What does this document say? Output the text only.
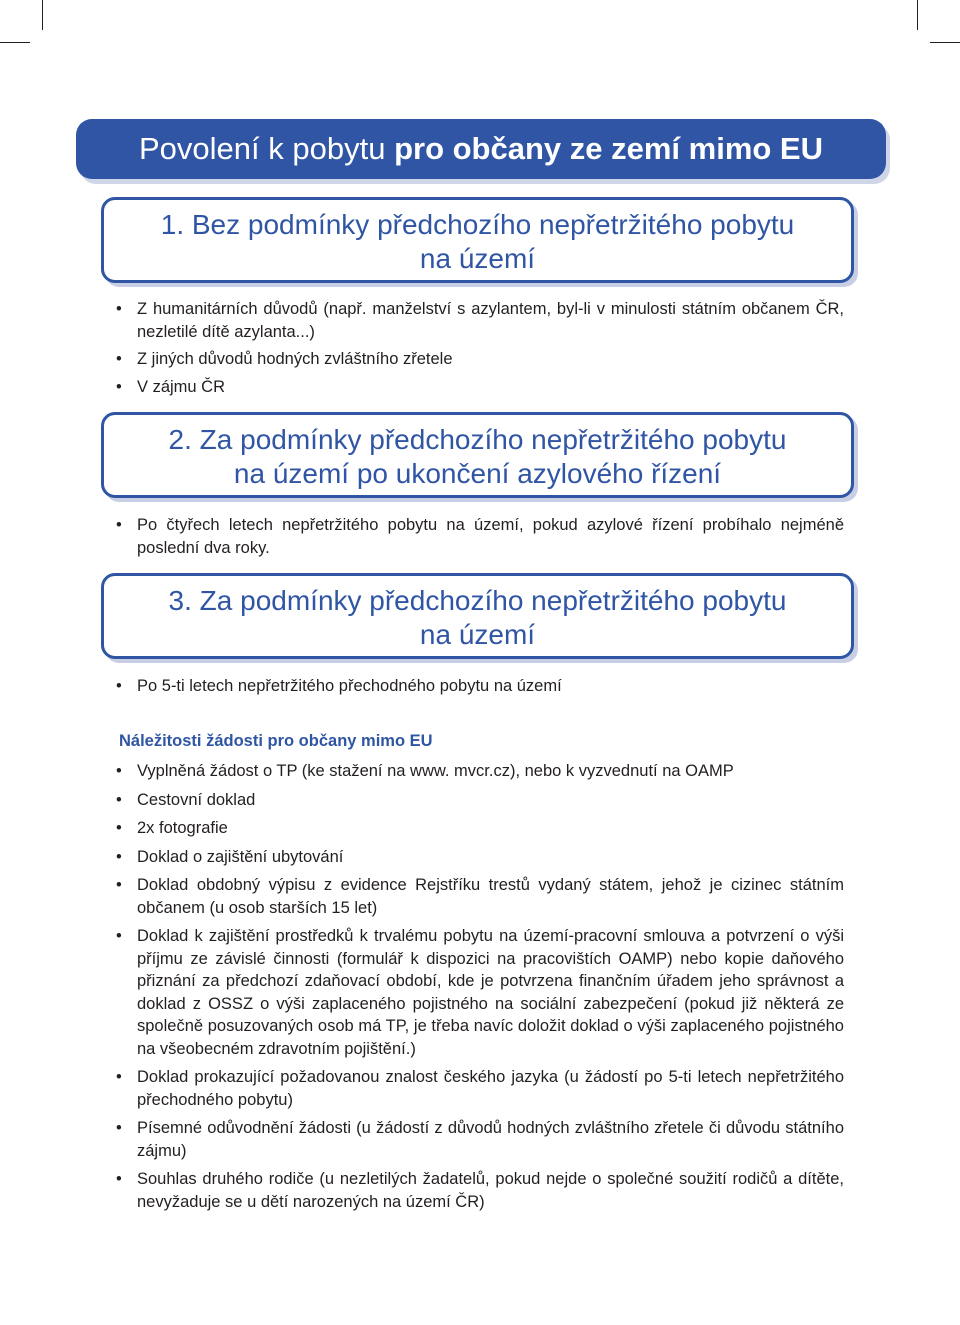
Povolení k pobytu pro občany ze zemí mimo EU
1. Bez podmínky předchozího nepřetržitého pobytu
na území
• Z humanitárních důvodů (např. manželství s azylantem, byl-li v minulosti státním občanem ČR, nezletilé dítě azylanta...)
• Z jiných důvodů hodných zvláštního zřetele
• V zájmu ČR
2. Za podmínky předchozího nepřetržitého pobytu
na území po ukončení azylového řízení
• Po čtyřech letech nepřetržitého pobytu na území, pokud azylové řízení probíhalo nejméně poslední dva roky.
3. Za podmínky předchozího nepřetržitého pobytu
na území
• Po 5-ti letech nepřetržitého přechodného pobytu na území
Náležitosti žádosti pro občany mimo EU
• Vyplněná žádost o TP (ke stažení na www. mvcr.cz), nebo k vyzvednutí na OAMP
• Cestovní doklad
• 2x fotografie
• Doklad o zajištění ubytování
• Doklad obdobný výpisu z evidence Rejstříku trestů vydaný státem, jehož je cizinec státním občanem (u osob starších 15 let)
• Doklad k zajištění prostředků k trvalému pobytu na území-pracovní smlouva a potvrzení o výši příjmu ze závislé činnosti (formulář k dispozici na pracovištích OAMP) nebo kopie daňového přiznání za předchozí zdaňovací období, kde je potvrzena finančním úřadem jeho správnost a doklad z OSSZ o výši zaplaceného pojistného na sociální zabezpečení (pokud již některá ze společně posuzovaných osob má TP, je třeba navíc doložit doklad o výši zaplaceného pojistného na všeobecném zdravotním pojištění.)
• Doklad prokazující požadovanou znalost českého jazyka (u žádostí po 5-ti letech nepřetržitého přechodného pobytu)
• Písemné odůvodnění žádosti (u žádostí z důvodů hodných zvláštního zřetele či důvodu státního zájmu)
• Souhlas druhého rodiče (u nezletilých žadatelů, pokud nejde o společné soužití rodičů a dítěte, nevyžaduje se u dětí narozených na území ČR)
